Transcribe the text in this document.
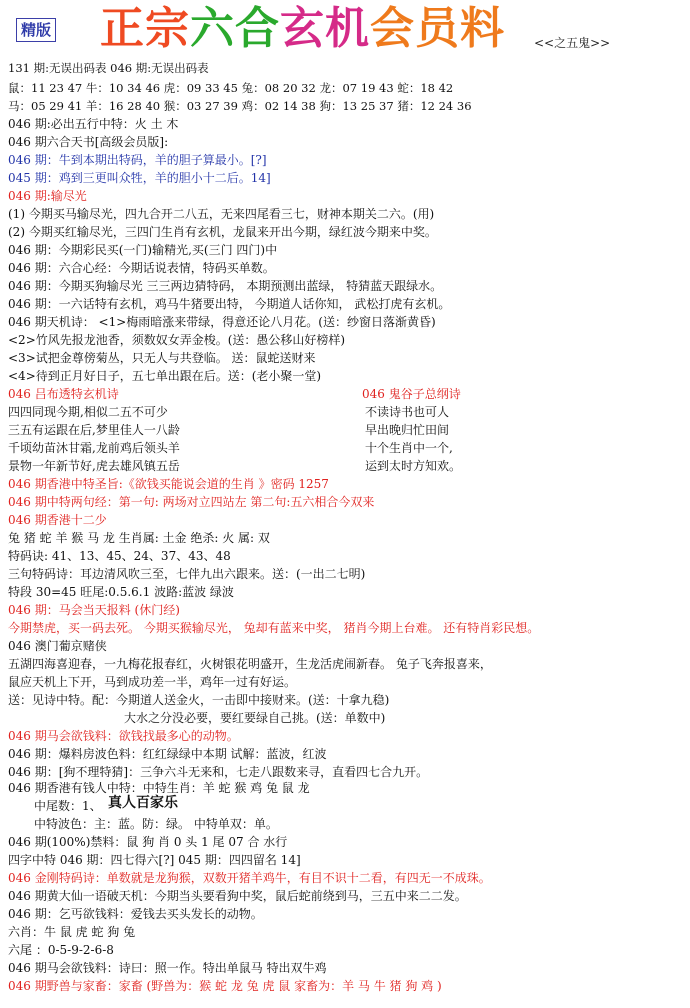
精版 正宗六合玄机会员料 <<之五鬼>>
131 期:无误出码表 046 期:无误出码表
鼠：11 23 47 牛：10 34 46 虎：09 33 45 兔：08 20 32 龙：07 19 43 蛇：18 42
马：05 29 41 羊：16 28 40 猴：03 27 39 鸡：02 14 38 狗：13 25 37 猪：12 24 36
046 期:必出五行中特：火 土 木
046 期六合天书[高级会员版]:
046 期：牛到本期出特码，羊的胆子算最小。[?]
045 期：鸡到三更叫众牲，羊的胆小十二后。14]
046 期:输尽光
(1) 今期买马输尽光，四九合开二八五，无来四尾看三七，财神本期关二六。(用)
(2) 今期买红输尽光，三四门生肖有玄机，龙鼠来开出今期，绿红波今期来中奖。
046 期：今期彩民买(一门)输精光,买(三门 四门)中
046 期：六合心经：今期话说表情，特码买单数。
046 期：今期买狗输尽光 三三两边猜特码， 本期预测出蓝绿， 特猜蓝天跟绿水。
046 期：一六话特有玄机，鸡马牛猪要出特， 今期道人话你知， 武松打虎有玄机。
046 期天机诗： <1>梅雨暗涨来带绿，得意还论八月花。(送：纱窗日落渐黄昏)
<2>竹风先报龙池香，须数奴女弄金梭。(送：愚公移山好榜样)
<3>试把金尊傍菊丛，只无人与共登临。 送：鼠蛇送财来
<4>待到正月好日子，五七单出跟在后。送：(老小聚一堂)
046 吕布透特玄机诗	046 鬼谷子总纲诗
四四同现今期,相似二五不可少	不读诗书也可人
三五有运跟在后,梦里佳人一八龄	早出晚归忙田间
千顷幼苗沐甘霜,龙前鸡后领头羊	十个生肖中一个,
景物一年新节好,虎去雄风镇五岳	运到太时方知欢。
046 期香港中特圣旨:《欲钱买能说会道的生肖 》密码 1257
046 期中特两句经：第一句: 两场对立四站左 第二句:五六相合今双来
046 期香港十二少
兔 猪 蛇 羊 猴 马 龙 生肖属: 土金 绝杀: 火 属: 双
特码诀: 41、13、45、24、37、43、48
三句特码诗：耳边清风吹三至，七伴九出六跟来。送：(一出二七明)
特段 30=45 旺尾:0.5.6.1 波路:蓝波 绿波
046 期：马会当天报料 (休门经)
今期禁虎，买一码去死。 今期买猴输尽光， 兔却有蓝来中奖， 猪肖今期上台难。 还有特肖彩民想。
046 澳门葡京赌侠
五湖四海喜迎春，一九梅花报春红，火树银花明盛开，生龙活虎闹新春。 兔子飞奔报喜来，
鼠应天机上下开，马到成功差一半，鸡年一过有好运。
送：见诗中特。配：今期道人送金火，一击即中接财来。(送：十拿九稳)
大水之分没必要，要红要绿自己挑。(送：单数中)
046 期马会欲钱料：欲钱找最多心的动物。
046 期：爆料房波色料：红红绿绿中本期 试解：蓝波，红波
046 期：[狗不理特猜]：三争六斗无来和，七走八跟数来寻，直看四七合九开。
046 期香港有钱人中特：中特生肖：羊 蛇 猴 鸡 兔 鼠 龙
中尾数：1、
中特波色：主：蓝。防：绿。 中特单双：单。
046 期(100%)禁料：鼠 狗 肖 0 头 1 尾 07 合 水行
四字中特 046 期：四七得六[?] 045 期：四四留名 14]
046 金刚特码诗：单数就是龙狗猴，双数开猪羊鸡牛，有目不识十二看，有四无一不成珠。
046 期黄大仙一语破天机：今期当头要看狗中奖，鼠后蛇前绕到马，三五中来二二发。
046 期：乞丐欲钱料：爱钱去买头发长的动物。
六肖：牛 鼠 虎 蛇 狗 兔
六尾 ：0-5-9-2-6-8
046 期马会欲钱料：诗曰：照一作。特出单鼠马 特出双牛鸡
046 期野兽与家畜：家畜 (野兽为：猴 蛇 龙 兔 虎 鼠 家畜为：羊 马 牛 猪 狗 鸡 )
真人百家乐
